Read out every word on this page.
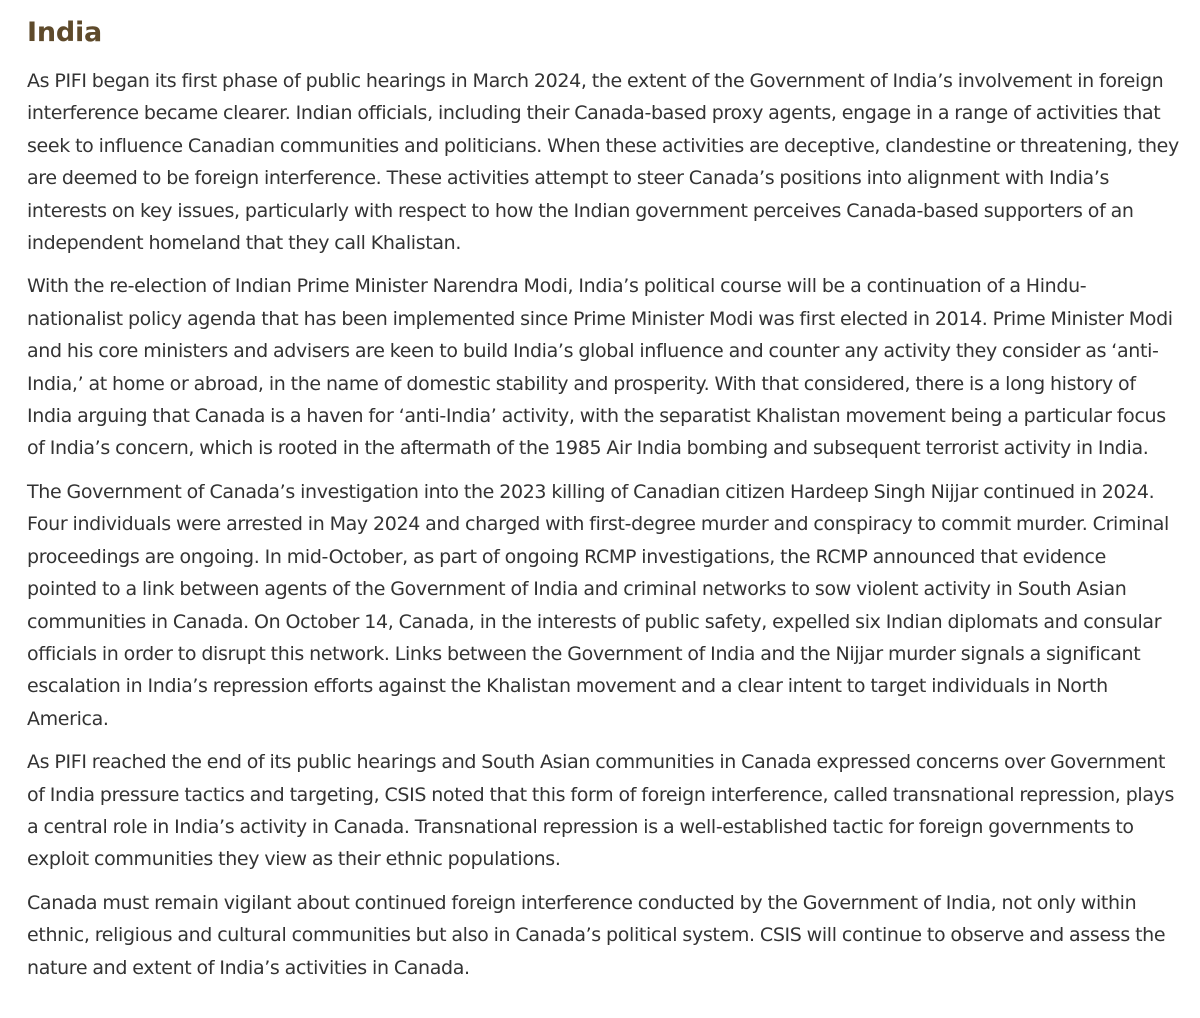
India

As PIFI began its first phase of public hearings in March 2024, the extent of the Government of India’s involvement in foreign interference became clearer. Indian officials, including their Canada-based proxy agents, engage in a range of activities that seek to influence Canadian communities and politicians. When these activities are deceptive, clandestine or threatening, they are deemed to be foreign interference. These activities attempt to steer Canada’s positions into alignment with India’s interests on key issues, particularly with respect to how the Indian government perceives Canada-based supporters of an independent homeland that they call Khalistan.

With the re-election of Indian Prime Minister Narendra Modi, India’s political course will be a continuation of a Hindu-nationalist policy agenda that has been implemented since Prime Minister Modi was first elected in 2014. Prime Minister Modi and his core ministers and advisers are keen to build India’s global influence and counter any activity they consider as ‘anti-India,’ at home or abroad, in the name of domestic stability and prosperity. With that considered, there is a long history of India arguing that Canada is a haven for ‘anti-India’ activity, with the separatist Khalistan movement being a particular focus of India’s concern, which is rooted in the aftermath of the 1985 Air India bombing and subsequent terrorist activity in India.

The Government of Canada’s investigation into the 2023 killing of Canadian citizen Hardeep Singh Nijjar continued in 2024. Four individuals were arrested in May 2024 and charged with first-degree murder and conspiracy to commit murder. Criminal proceedings are ongoing. In mid-October, as part of ongoing RCMP investigations, the RCMP announced that evidence pointed to a link between agents of the Government of India and criminal networks to sow violent activity in South Asian communities in Canada. On October 14, Canada, in the interests of public safety, expelled six Indian diplomats and consular officials in order to disrupt this network. Links between the Government of India and the Nijjar murder signals a significant escalation in India’s repression efforts against the Khalistan movement and a clear intent to target individuals in North America.

As PIFI reached the end of its public hearings and South Asian communities in Canada expressed concerns over Government of India pressure tactics and targeting, CSIS noted that this form of foreign interference, called transnational repression, plays a central role in India’s activity in Canada. Transnational repression is a well-established tactic for foreign governments to exploit communities they view as their ethnic populations.

Canada must remain vigilant about continued foreign interference conducted by the Government of India, not only within ethnic, religious and cultural communities but also in Canada’s political system. CSIS will continue to observe and assess the nature and extent of India’s activities in Canada.
